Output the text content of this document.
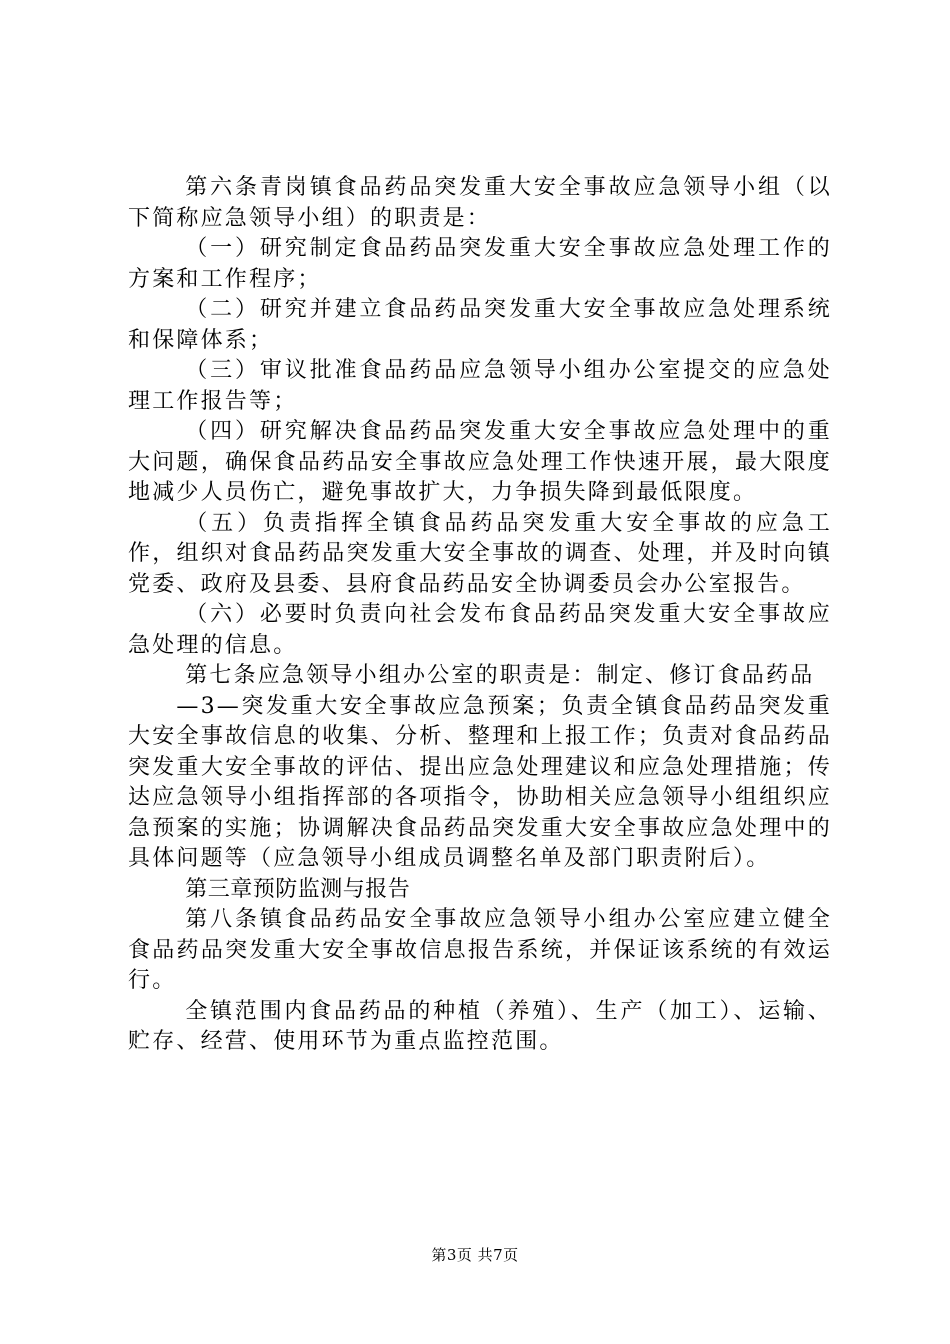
第六条青岗镇食品药品突发重大安全事故应急领导小组（以下简称应急领导小组）的职责是：

（一）研究制定食品药品突发重大安全事故应急处理工作的方案和工作程序；

（二）研究并建立食品药品突发重大安全事故应急处理系统和保障体系；

（三）审议批准食品药品应急领导小组办公室提交的应急处理工作报告等；

（四）研究解决食品药品突发重大安全事故应急处理中的重大问题，确保食品药品安全事故应急处理工作快速开展，最大限度地减少人员伤亡，避免事故扩大，力争损失降到最低限度。

（五）负责指挥全镇食品药品突发重大安全事故的应急工作，组织对食品药品突发重大安全事故的调查、处理，并及时向镇党委、政府及县委、县府食品药品安全协调委员会办公室报告。

（六）必要时负责向社会发布食品药品突发重大安全事故应急处理的信息。

第七条应急领导小组办公室的职责是：制定、修订食品药品

—3—突发重大安全事故应急预案；负责全镇食品药品突发重大安全事故信息的收集、分析、整理和上报工作；负责对食品药品突发重大安全事故的评估、提出应急处理建议和应急处理措施；传达应急领导小组指挥部的各项指令，协助相关应急领导小组组织应急预案的实施；协调解决食品药品突发重大安全事故应急处理中的具体问题等（应急领导小组成员调整名单及部门职责附后）。

第三章预防监测与报告

第八条镇食品药品安全事故应急领导小组办公室应建立健全食品药品突发重大安全事故信息报告系统，并保证该系统的有效运行。

全镇范围内食品药品的种植（养殖）、生产（加工）、运输、贮存、经营、使用环节为重点监控范围。

第3页 共7页
